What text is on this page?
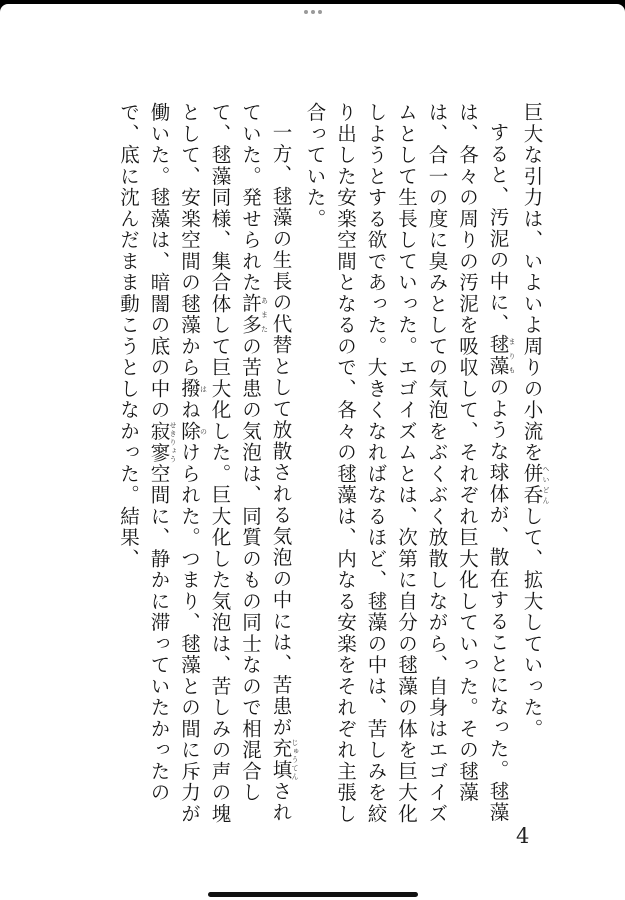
巨大な引力は、いよいよ周りの小流を併呑へいどんして、拡大していった。

すると、汚泥の中に、毬藻まりものような球体が、散在することになった。毬藻は、各々の周りの汚泥を吸収して、それぞれ巨大化していった。その毬藻は、合一の度に臭みとしての気泡をぶくぶく放散しながら、自身はエゴイズムとして生長していった。エゴイズムとは、次第に自分の毬藻の体を巨大化しようとする欲であった。大きくなればなるほど、毬藻の中は、苦しみを絞り出した安楽空間となるので、各々の毬藻は、内なる安楽をそれぞれ主張し合っていた。

一方、毬藻の生長の代替として放散される気泡の中には、苦患が充填じゅうてんされていた。発せられた許多あまたの苦患の気泡は、同質のもの同士なので相混合して、毬藻同様、集合体して巨大化した。巨大化した気泡は、苦しみの声の塊として、安楽空間の毬藻から撥はね除のけられた。つまり、毬藻との間に斥力が働いた。毬藻は、暗闇の底の中の寂寥せきりょう空間に、静かに滞っていたかったので、底に沈んだまま動こうとしなかった。結果、

4
